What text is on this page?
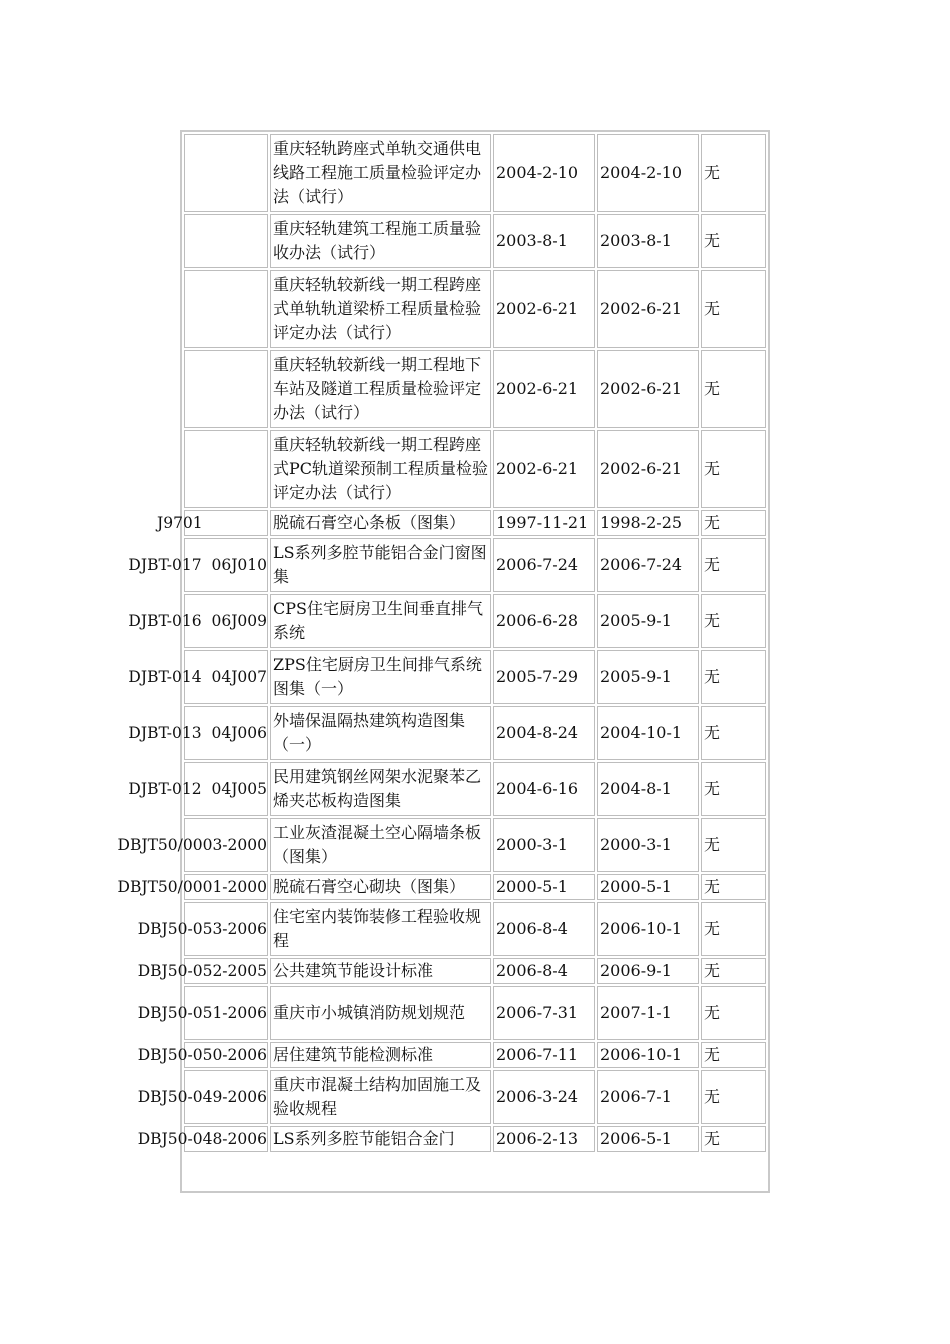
	重庆轻轨跨座式单轨交通供电线路工程施工质量检验评定办法（试行）	2004-2-10	2004-2-10	无

	重庆轻轨建筑工程施工质量验收办法（试行）	2003-8-1	2003-8-1	无

	重庆轻轨较新线一期工程跨座式单轨轨道梁桥工程质量检验评定办法（试行）	2002-6-21	2002-6-21	无

	重庆轻轨较新线一期工程地下车站及隧道工程质量检验评定办法（试行）	2002-6-21	2002-6-21	无

	重庆轻轨较新线一期工程跨座式PC轨道梁预制工程质量检验评定办法（试行）	2002-6-21	2002-6-21	无

J9701	脱硫石膏空心条板（图集）	1997-11-21	1998-2-25	无

DJBT-017  06J010	LS系列多腔节能铝合金门窗图集	2006-7-24	2006-7-24	无

DJBT-016  06J009	CPS住宅厨房卫生间垂直排气系统	2006-6-28	2005-9-1	无

DJBT-014  04J007	ZPS住宅厨房卫生间排气系统图集（一）	2005-7-29	2005-9-1	无

DJBT-013  04J006	外墙保温隔热建筑构造图集（一）	2004-8-24	2004-10-1	无

DJBT-012  04J005	民用建筑钢丝网架水泥聚苯乙烯夹芯板构造图集	2004-6-16	2004-8-1	无

DBJT50/0003-2000	工业灰渣混凝土空心隔墙条板（图集）	2000-3-1	2000-3-1	无

DBJT50/0001-2000	脱硫石膏空心砌块（图集）	2000-5-1	2000-5-1	无

DBJ50-053-2006	住宅室内装饰装修工程验收规程	2006-8-4	2006-10-1	无

DBJ50-052-2005	公共建筑节能设计标准	2006-8-4	2006-9-1	无

DBJ50-051-2006	重庆市小城镇消防规划规范	2006-7-31	2007-1-1	无

DBJ50-050-2006	居住建筑节能检测标准	2006-7-11	2006-10-1	无

DBJ50-049-2006	重庆市混凝土结构加固施工及验收规程	2006-3-24	2006-7-1	无

DBJ50-048-2006	LS系列多腔节能铝合金门	2006-2-13	2006-5-1	无
